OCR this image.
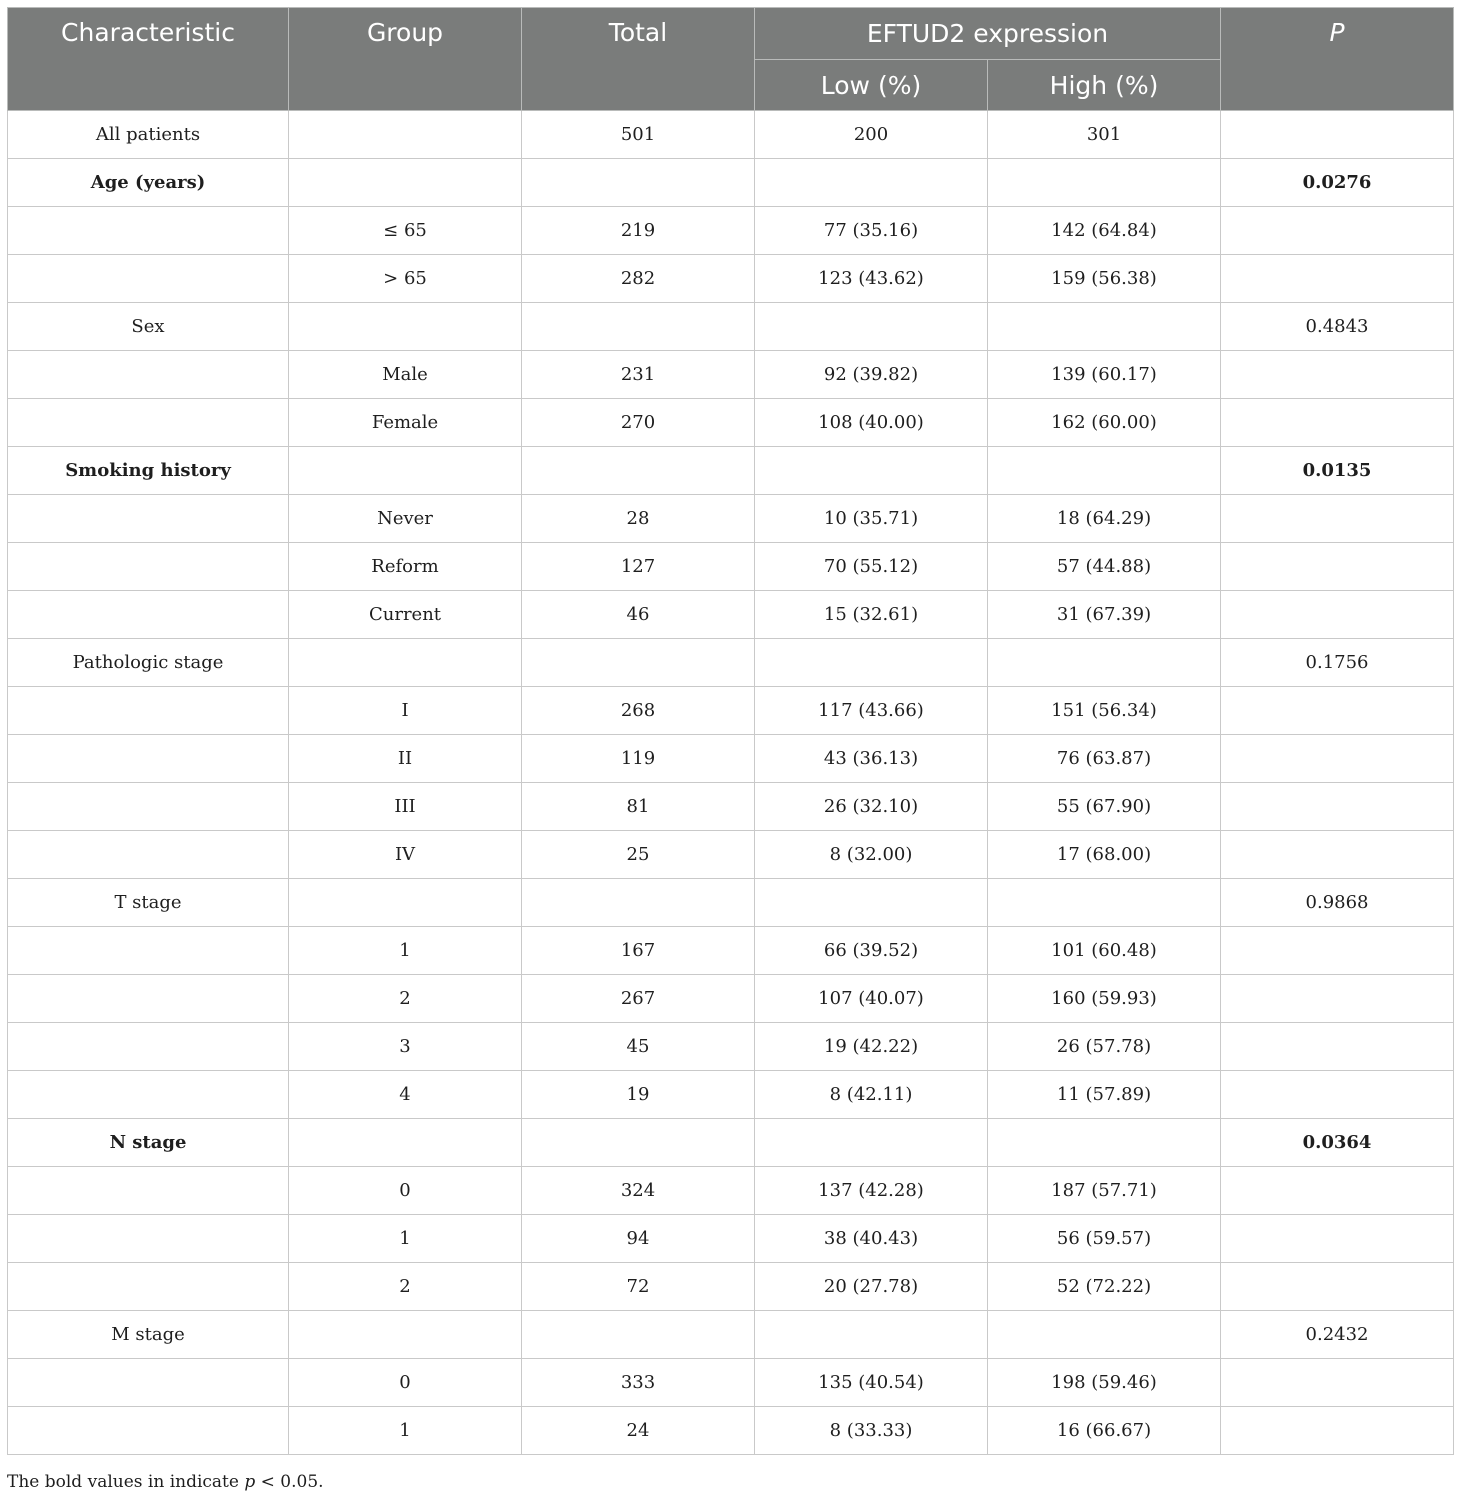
Characteristic	Group	Total	EFTUD2 expression		P
			Low (%)	High (%)	
All patients		501	200	301	
Age (years)					0.0276
	≤ 65	219	77 (35.16)	142 (64.84)	
	> 65	282	123 (43.62)	159 (56.38)	
Sex					0.4843
	Male	231	92 (39.82)	139 (60.17)	
	Female	270	108 (40.00)	162 (60.00)	
Smoking history					0.0135
	Never	28	10 (35.71)	18 (64.29)	
	Reform	127	70 (55.12)	57 (44.88)	
	Current	46	15 (32.61)	31 (67.39)	
Pathologic stage					0.1756
	I	268	117 (43.66)	151 (56.34)	
	II	119	43 (36.13)	76 (63.87)	
	III	81	26 (32.10)	55 (67.90)	
	IV	25	8 (32.00)	17 (68.00)	
T stage					0.9868
	1	167	66 (39.52)	101 (60.48)	
	2	267	107 (40.07)	160 (59.93)	
	3	45	19 (42.22)	26 (57.78)	
	4	19	8 (42.11)	11 (57.89)	
N stage					0.0364
	0	324	137 (42.28)	187 (57.71)	
	1	94	38 (40.43)	56 (59.57)	
	2	72	20 (27.78)	52 (72.22)	
M stage					0.2432
	0	333	135 (40.54)	198 (59.46)	
	1	24	8 (33.33)	16 (66.67)	
The bold values in indicate p < 0.05.
